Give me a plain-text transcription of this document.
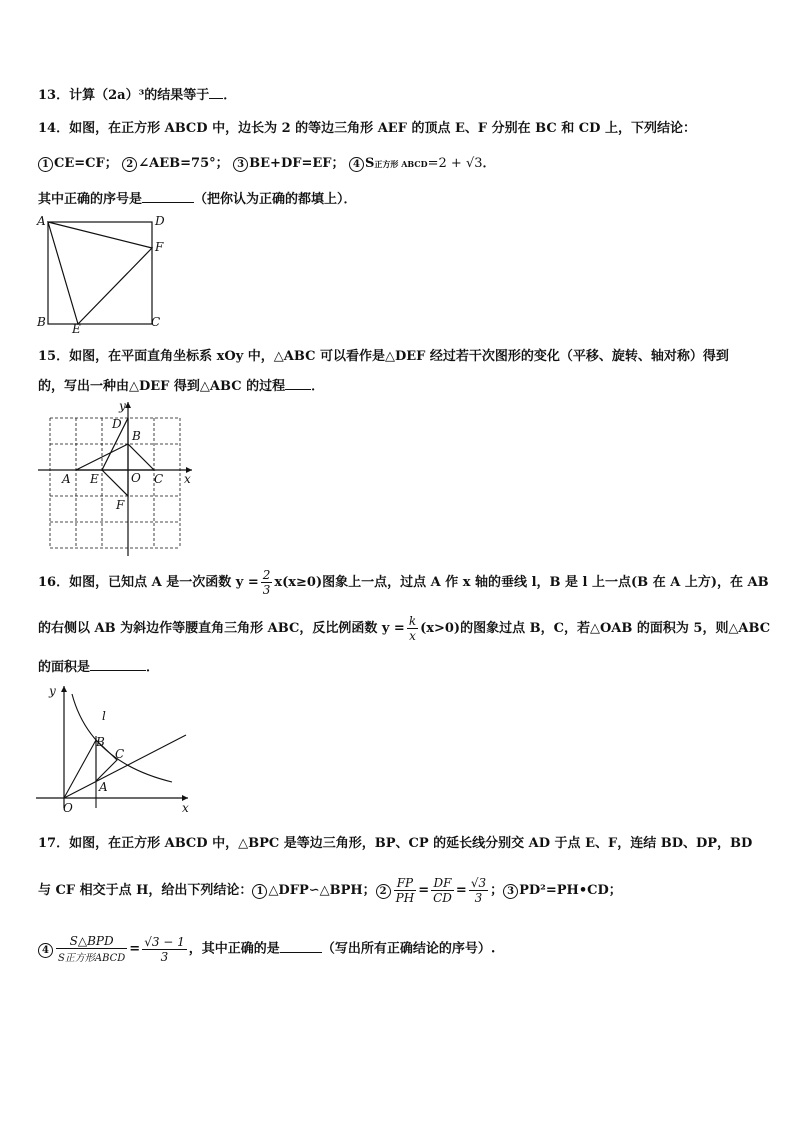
13．计算（2a）³的结果等于 ．
14．如图，在正方形 ABCD 中，边长为 2 的等边三角形 AEF 的顶点 E、F 分别在 BC 和 CD 上，下列结论：
1 CE=CF； 2 ∠AEB=75°； 3 BE+DF=EF； 4 S正方形 ABCD=2 + √3．
其中正确的序号是	（把你认为正确的都填上）．
A	D
F
B E	C
15．如图，在平面直角坐标系 xOy 中，△ABC 可以看作是△DEF 经过若干次图形的变化（平移、旋转、轴对称）得到
的，写出一种由△DEF 得到△ABC 的过程 ．
y
x
D
B
A E	O C
F
16．如图，已知点 A 是一次函数 $y = \frac{2}{3} x(x\ge 0)$图象上一点，过点 A 作 x 轴的垂线 l，B 是 l 上一点(B 在 A 上方)，在 AB
的右侧以 AB 为斜边作等腰直角三角形 ABC，反比例函数 $y = \frac{k}{x} (x>0)$的图象过点 B，C，若△OAB 的面积为 5，则△ABC
的面积是	．
y
x
O
l
B
C
A
17．如图，在正方形 ABCD 中，△BPC 是等边三角形，BP、CP 的延长线分别交 AD 于点 E、F，连结 BD、DP，BD
与 CF 相交于点 H，给出下列结论： 1 △DFP∽△BPH； $2 \frac{FP}{PH} = \frac{DF}{CD} = \frac{√3}{3}$ ； 3 PD²=PH•CD；
$4 \frac{\text{S△BPD}}{\text{S正方形ABCD}} = \frac{√3 - 1}{3}$ ，其中正确的是	（写出所有正确结论的序号）.
